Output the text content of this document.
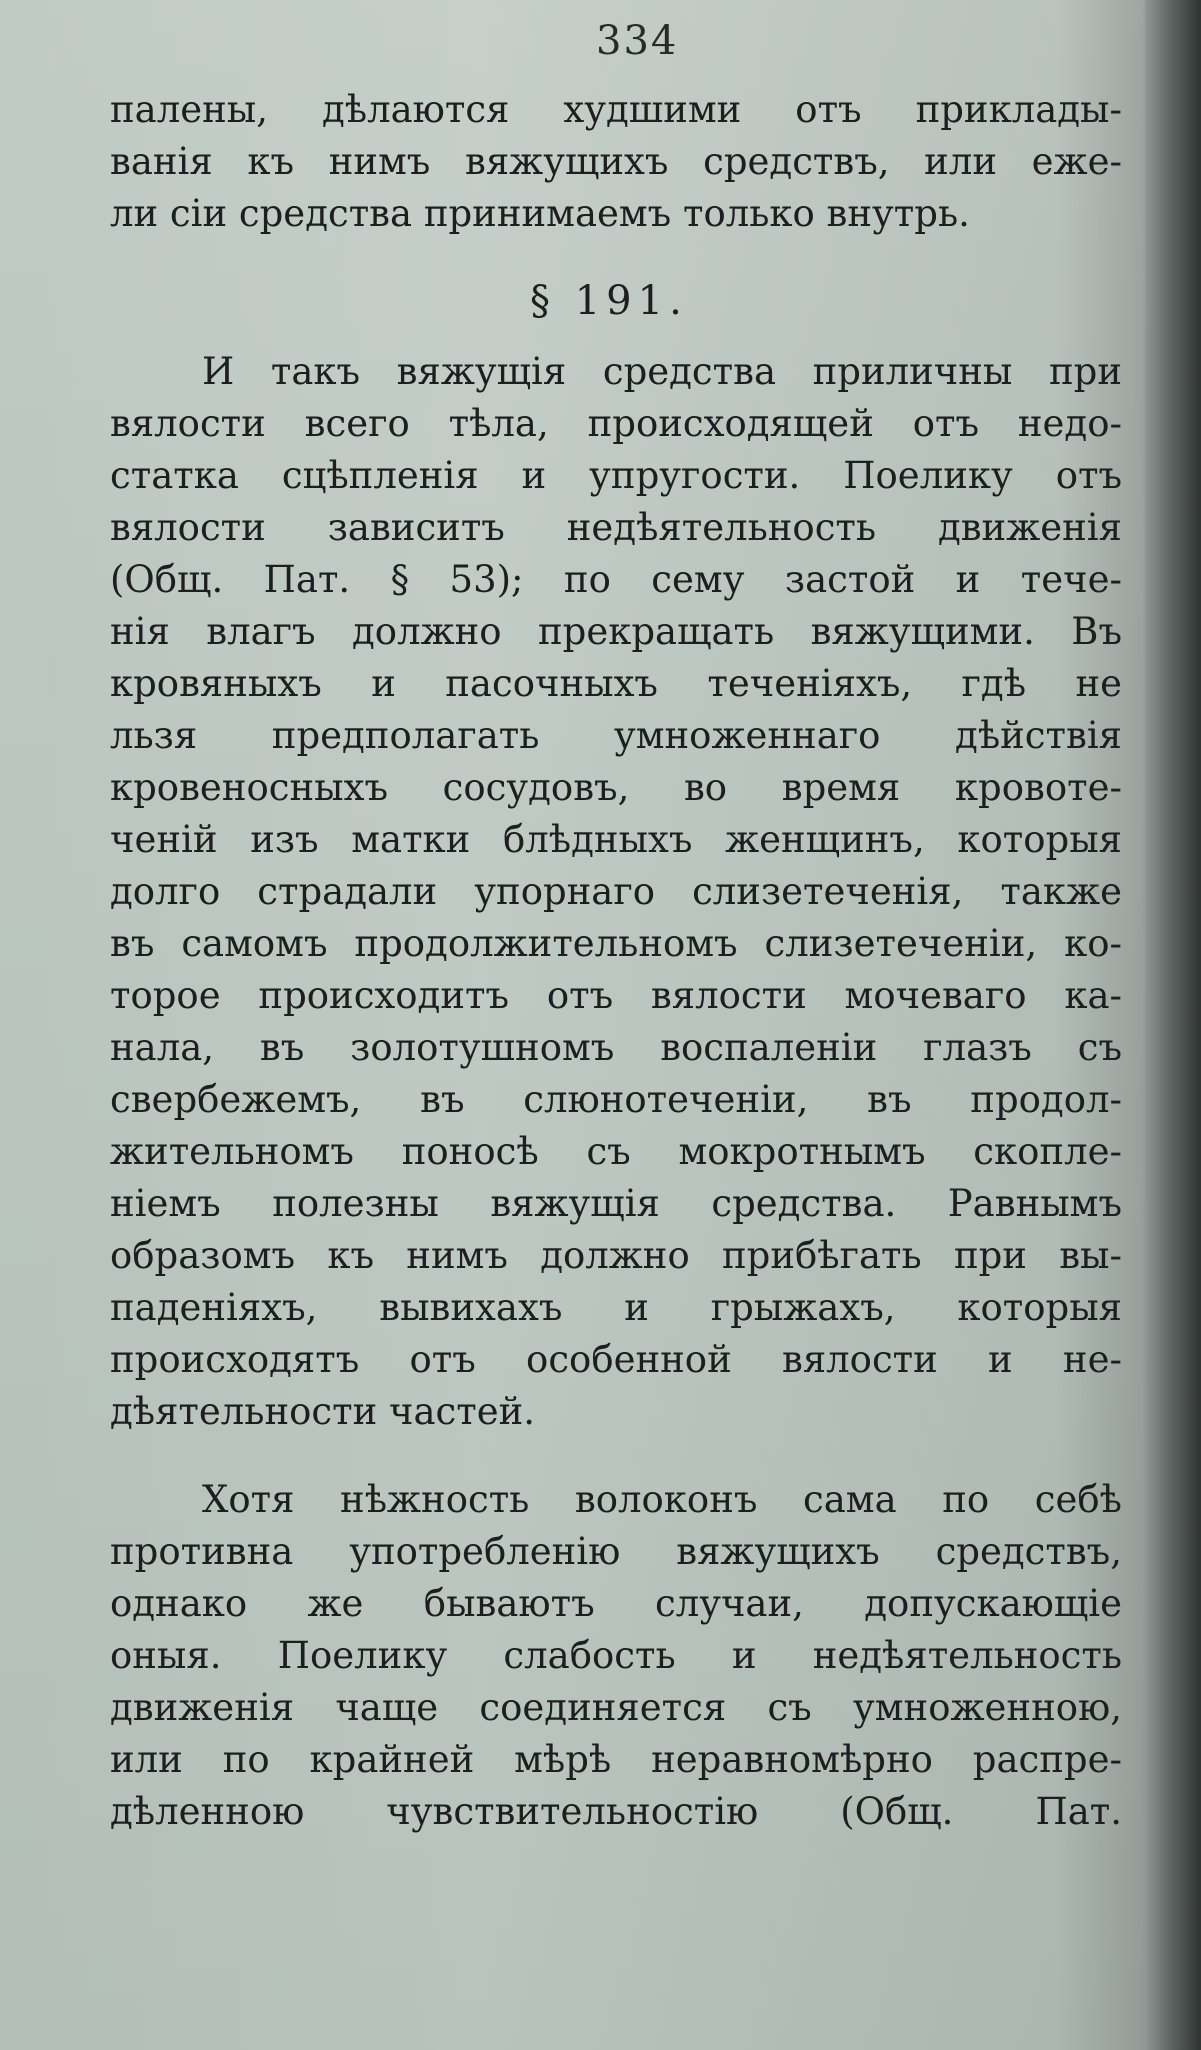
334
палены, дѣлаются худшими отъ приклады-
ванія къ нимъ вяжущихъ средствъ, или еже-
ли сіи средства принимаемъ только внутрь.
§ 191.
И такъ вяжущія средства приличны при
вялости всего тѣла, происходящей отъ недо-
статка сцѣпленія и упругости. Поелику отъ
вялости зависитъ недѣятельность движенія
(Общ. Пат. § 53); по сему застой и тече-
нія влагъ должно прекращать вяжущими. Въ
кровяныхъ и пасочныхъ теченіяхъ, гдѣ не
льзя предполагать умноженнаго дѣйствія
кровеносныхъ сосудовъ, во время кровоте-
ченій изъ матки блѣдныхъ женщинъ, которыя
долго страдали упорнаго слизетеченія, также
въ самомъ продолжительномъ слизетеченіи, ко-
торое происходитъ отъ вялости мочеваго ка-
нала, въ золотушномъ воспаленіи глазъ съ
свербежемъ, въ слюнотеченіи, въ продол-
жительномъ поносѣ съ мокротнымъ скопле-
ніемъ полезны вяжущія средства. Равнымъ
образомъ къ нимъ должно прибѣгать при вы-
паденіяхъ, вывихахъ и грыжахъ, которыя
происходятъ отъ особенной вялости и не-
дѣятельности частей.
Хотя нѣжность волоконъ сама по себѣ
противна употребленію вяжущихъ средствъ,
однако же бываютъ случаи, допускающіе
оныя. Поелику слабость и недѣятельность
движенія чаще соединяется съ умноженною,
или по крайней мѣрѣ неравномѣрно распре-
дѣленною чувствительностію (Общ. Пат.
